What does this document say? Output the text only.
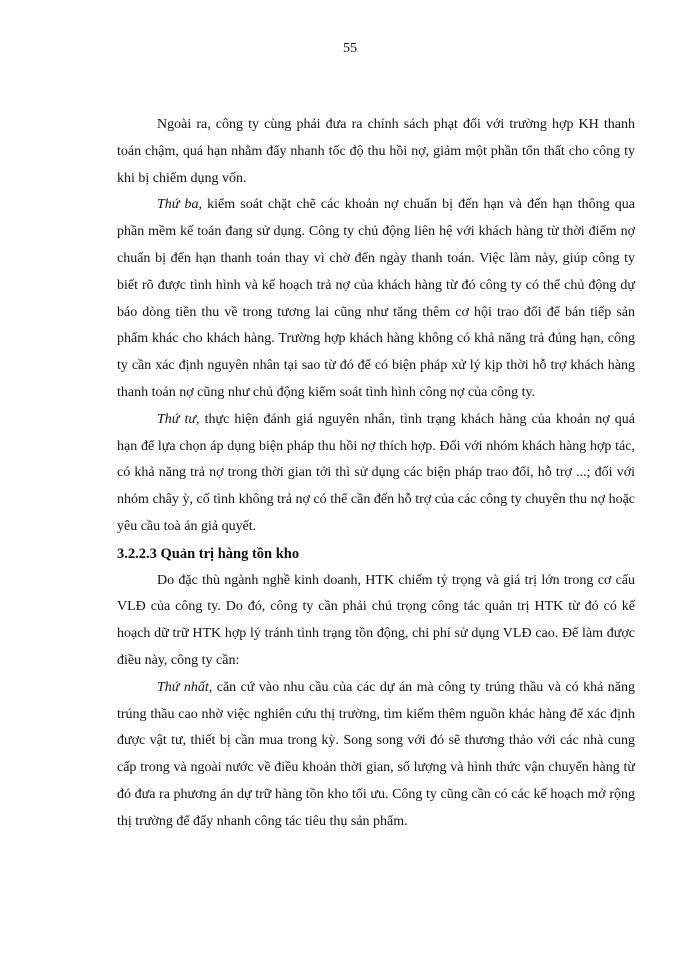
55

Ngoài ra, công ty cùng phải đưa ra chính sách phạt đối với trường hợp KH thanh toán chậm, quá hạn nhằm đẩy nhanh tốc độ thu hồi nợ, giảm một phần tổn thất cho công ty khi bị chiếm dụng vốn.

Thứ ba, kiểm soát chặt chẽ các khoản nợ chuẩn bị đến hạn và đến hạn thông qua phần mềm kế toán đang sử dụng. Công ty chủ động liên hệ với khách hàng từ thời điểm nợ chuẩn bị đến hạn thanh toán thay vì chờ đến ngày thanh toán. Việc làm này, giúp công ty biết rõ được tình hình và kế hoạch trả nợ của khách hàng từ đó công ty có thể chủ động dự báo dòng tiền thu về trong tương lai cũng như tăng thêm cơ hội trao đổi để bán tiếp sản phẩm khác cho khách hàng. Trường hợp khách hàng không có khả năng trả đúng hạn, công ty cần xác định nguyên nhân tại sao từ đó để có biện pháp xử lý kịp thời hỗ trợ khách hàng thanh toán nợ cũng như chủ động kiểm soát tình hình công nợ của công ty.

Thứ tư, thực hiện đánh giá nguyên nhân, tình trạng khách hàng của khoản nợ quá hạn để lựa chọn áp dụng biện pháp thu hồi nợ thích hợp. Đối với nhóm khách hàng hợp tác, có khả năng trả nợ trong thời gian tới thì sử dụng các biện pháp trao đổi, hỗ trợ ...; đối với nhóm chây ỳ, cố tình không trả nợ có thể cần đến hỗ trợ của các công ty chuyên thu nợ hoặc yêu cầu toà án giả quyết.

3.2.2.3 Quản trị hàng tồn kho

Do đặc thù ngành nghề kinh doanh, HTK chiếm tỷ trọng và giá trị lớn trong cơ cấu VLĐ của công ty. Do đó, công ty cần phải chú trọng công tác quản trị HTK từ đó có kế hoạch dữ trữ HTK hợp lý tránh tình trạng tồn động, chi phí sử dụng VLĐ cao. Để làm được điều này, công ty cần:

Thứ nhất, căn cứ vào nhu cầu của các dự án mà công ty trúng thầu và có khả năng trúng thầu cao nhờ việc nghiên cứu thị trường, tìm kiếm thêm nguồn khác hàng để xác định được vật tư, thiết bị cần mua trong kỳ. Song song với đó sẽ thương thảo với các nhà cung cấp trong và ngoài nước về điều khoản thời gian, số lượng và hình thức vận chuyển hàng từ đó đưa ra phương án dự trữ hàng tồn kho tối ưu. Công ty cũng cần có các kế hoạch mở rộng thị trường để đẩy nhanh công tác tiêu thụ sản phẩm.
